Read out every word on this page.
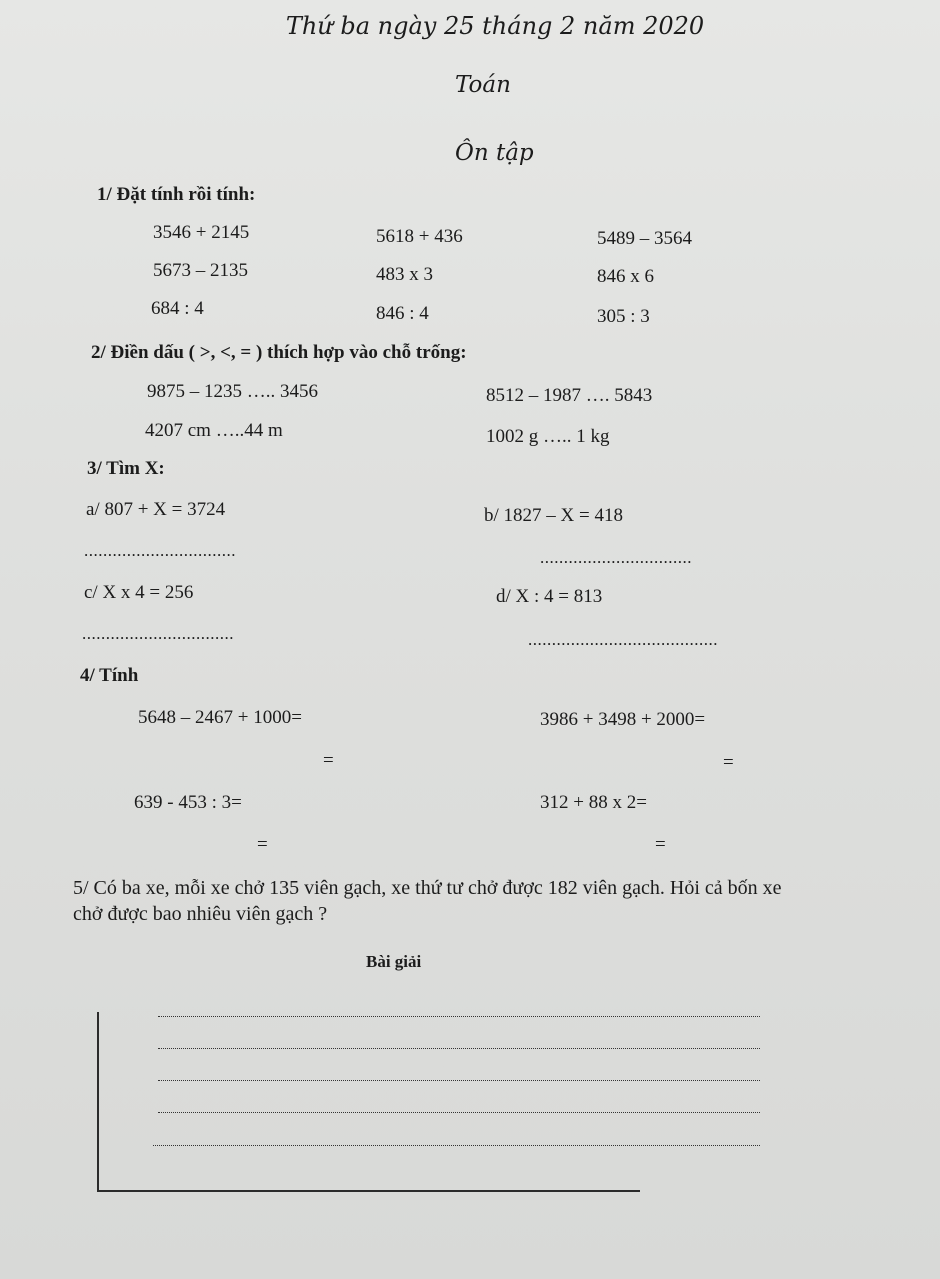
Thứ ba ngày 25 tháng 2 năm 2020
Toán
Ôn tập
1/ Đặt tính rồi tính:
3546 + 2145	5618 + 436	5489 – 3564
5673 – 2135	483 x 3	846 x 6
684 : 4	846 : 4	305 : 3
2/ Điền dấu ( >, <, = ) thích hợp vào chỗ trống:
9875 – 1235 ….. 3456	8512 – 1987 …. 5843
4207 cm …..44 m	1002 g ….. 1 kg
3/ Tìm X:
a/ 807 + X = 3724	b/ 1827 – X = 418
................................	................................
c/ X x 4 = 256	d/ X : 4 = 813
................................	........................................
4/ Tính
5648 – 2467 + 1000=	3986 + 3498 + 2000=
=	=
639 - 453 : 3=	312 + 88 x 2=
=	=
5/ Có ba xe, mỗi xe chở 135 viên gạch, xe thứ tư chở được 182 viên gạch. Hỏi cả bốn xe
chở được bao nhiêu viên gạch ?
Bài giải
